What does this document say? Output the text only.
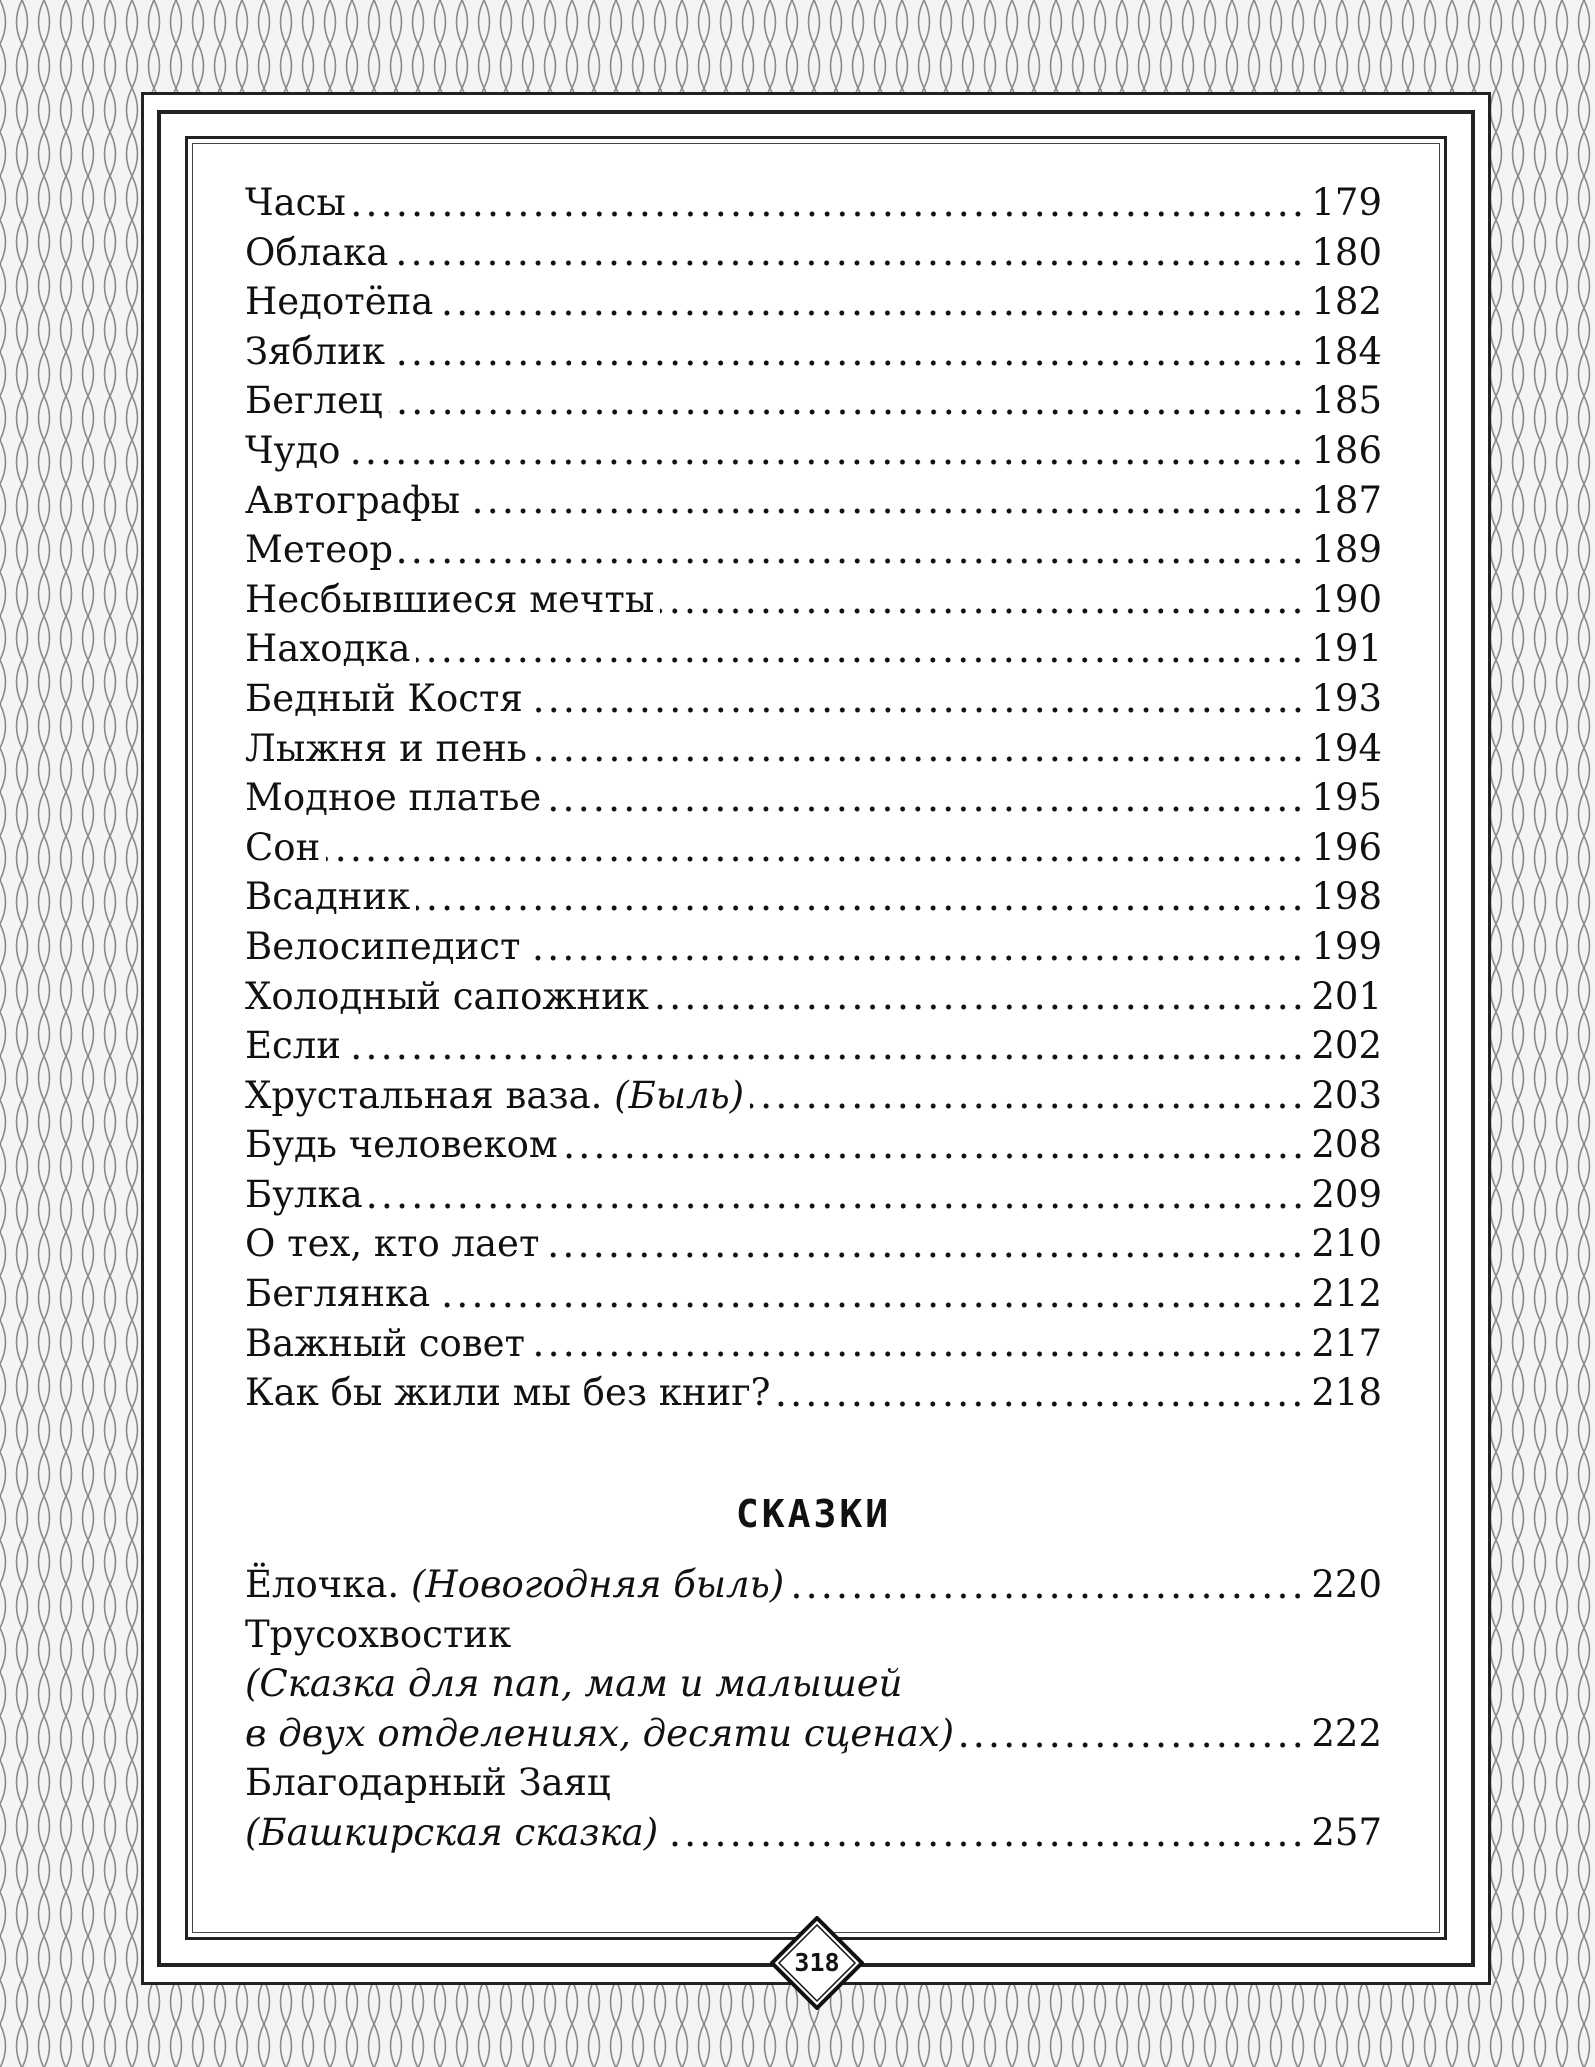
Часы	179
Облака	180
Недотёпа	182
Зяблик	184
Беглец	185
Чудо	186
Автографы	187
Метеор	189
Несбывшиеся мечты	190
Находка	191
Бедный Костя	193
Лыжня и пень	194
Модное платье	195
Сон	196
Всадник	198
Велосипедист	199
Холодный сапожник	201
Если	202
Хрустальная ваза. (Быль)	203
Будь человеком	208
Булка	209
О тех, кто лает	210
Беглянка	212
Важный совет	217
Как бы жили мы без книг?	218
СКАЗКИ
Ёлочка. (Новогодняя быль)	220
Трусохвостик
(Сказка для пап, мам и малышей
в двух отделениях, десяти сценах)	222
Благодарный Заяц
(Башкирская сказка)	257
318
